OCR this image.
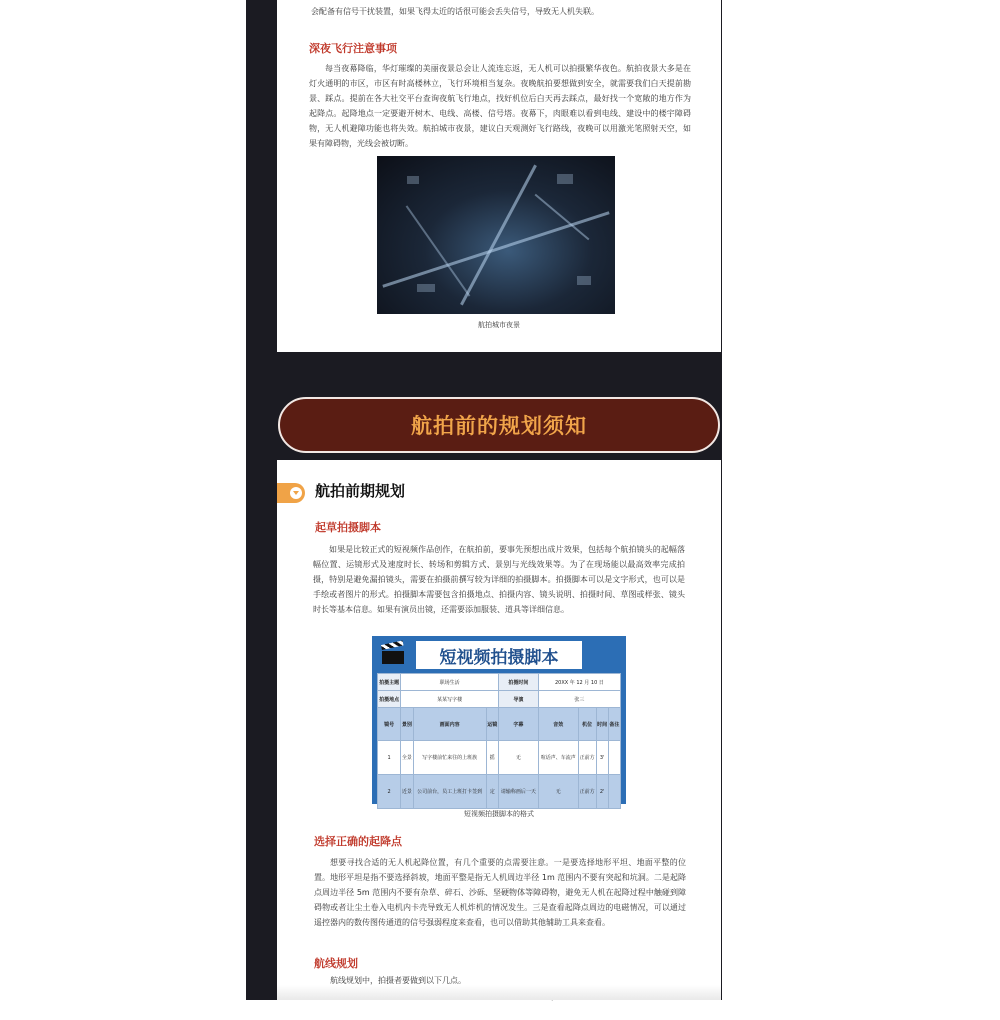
会配备有信号干扰装置，如果飞得太近的话很可能会丢失信号，导致无人机失联。

深夜飞行注意事项

每当夜幕降临，华灯璀璨的美丽夜景总会让人流连忘返，无人机可以拍摄繁华夜色。航拍夜景大多是在灯火通明的市区，市区有时高楼林立，飞行环境相当复杂。夜晚航拍要想做到安全，就需要我们白天提前勘景、踩点。提前在各大社交平台查询夜航飞行地点，找好机位后白天再去踩点，最好找一个宽敞的地方作为起降点。起降地点一定要避开树木、电线、高楼、信号塔。夜幕下，肉眼难以看到电线、建设中的楼宇障碍物，无人机避障功能也将失效。航拍城市夜景，建议白天观测好飞行路线，夜晚可以用激光笔照射天空，如果有障碍物，光线会被切断。

航拍城市夜景
航拍前的规划须知

起草拍摄脚本

如果是比较正式的短视频作品创作，在航拍前，要事先预想出成片效果，包括每个航拍镜头的起幅落幅位置、运镜形式及速度时长、转场和剪辑方式、景别与光线效果等。为了在现场能以最高效率完成拍摄，特别是避免漏拍镜头，需要在拍摄前撰写较为详细的拍摄脚本。拍摄脚本可以是文字形式，也可以是手绘或者图片的形式。拍摄脚本需要包含拍摄地点、拍摄内容、镜头说明、拍摄时间、草图或样张、镜头时长等基本信息。如果有演员出镜，还需要添加服装、道具等详细信息。

短视频拍摄脚本的格式

选择正确的起降点

想要寻找合适的无人机起降位置，有几个重要的点需要注意。一是要选择地形平坦、地面平整的位置。地形平坦是指不要选择斜坡，地面平整是指无人机周边半径 1m 范围内不要有突起和坑洞。二是起降点周边半径 5m 范围内不要有杂草、碎石、沙砾、坚硬物体等障碍物，避免无人机在起降过程中触碰到障碍物或者让尘土卷入电机内卡壳导致无人机炸机的情况发生。三是查看起降点周边的电磁情况，可以通过遥控器内的数传图传通道的信号强弱程度来查看，也可以借助其他辅助工具来查看。

航线规划

航线规划中，拍摄者要做到以下几点。

航拍前期规划
短视频拍摄脚本
拍摄主题	职场生活			拍摄时间	20XX 年 12 月 10 日			
拍摄地点	某某写字楼			导演	张三			
镜号	景别	画面内容	运镜	字幕	音效	机位	时间	备注
1	全景	写字楼前忙来往的上班族	摇	无	喧话声、车流声	正前方	3'	
2	近景	公司前台，员工上班打卡签到	定	请输称画后一天	无	正前方	2'	
